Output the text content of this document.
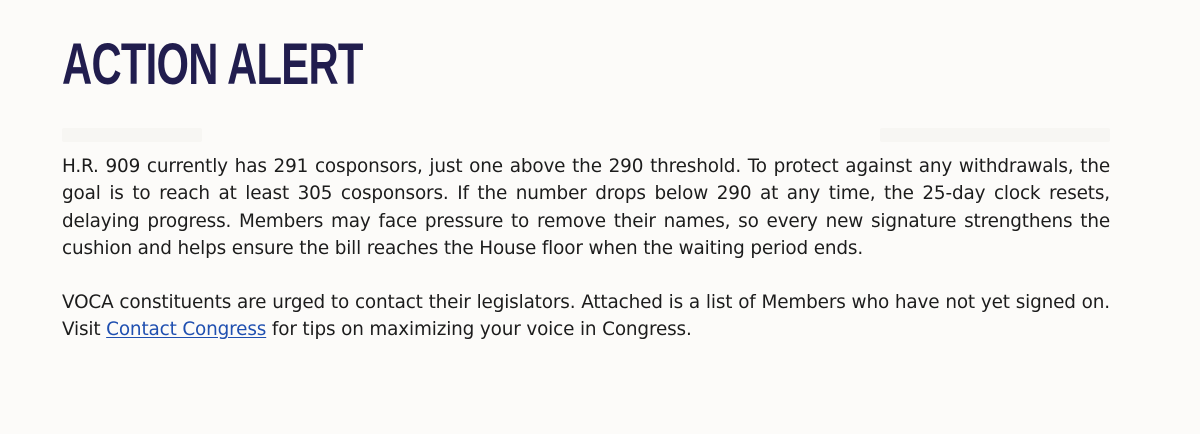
ACTION ALERT

H.R. 909 currently has 291 cosponsors, just one above the 290 threshold. To protect against any withdrawals, the goal is to reach at least 305 cosponsors. If the number drops below 290 at any time, the 25-day clock resets, delaying progress. Members may face pressure to remove their names, so every new signature strengthens the cushion and helps ensure the bill reaches the House floor when the waiting period ends.

VOCA constituents are urged to contact their legislators. Attached is a list of Members who have not yet signed on. Visit Contact Congress for tips on maximizing your voice in Congress.
